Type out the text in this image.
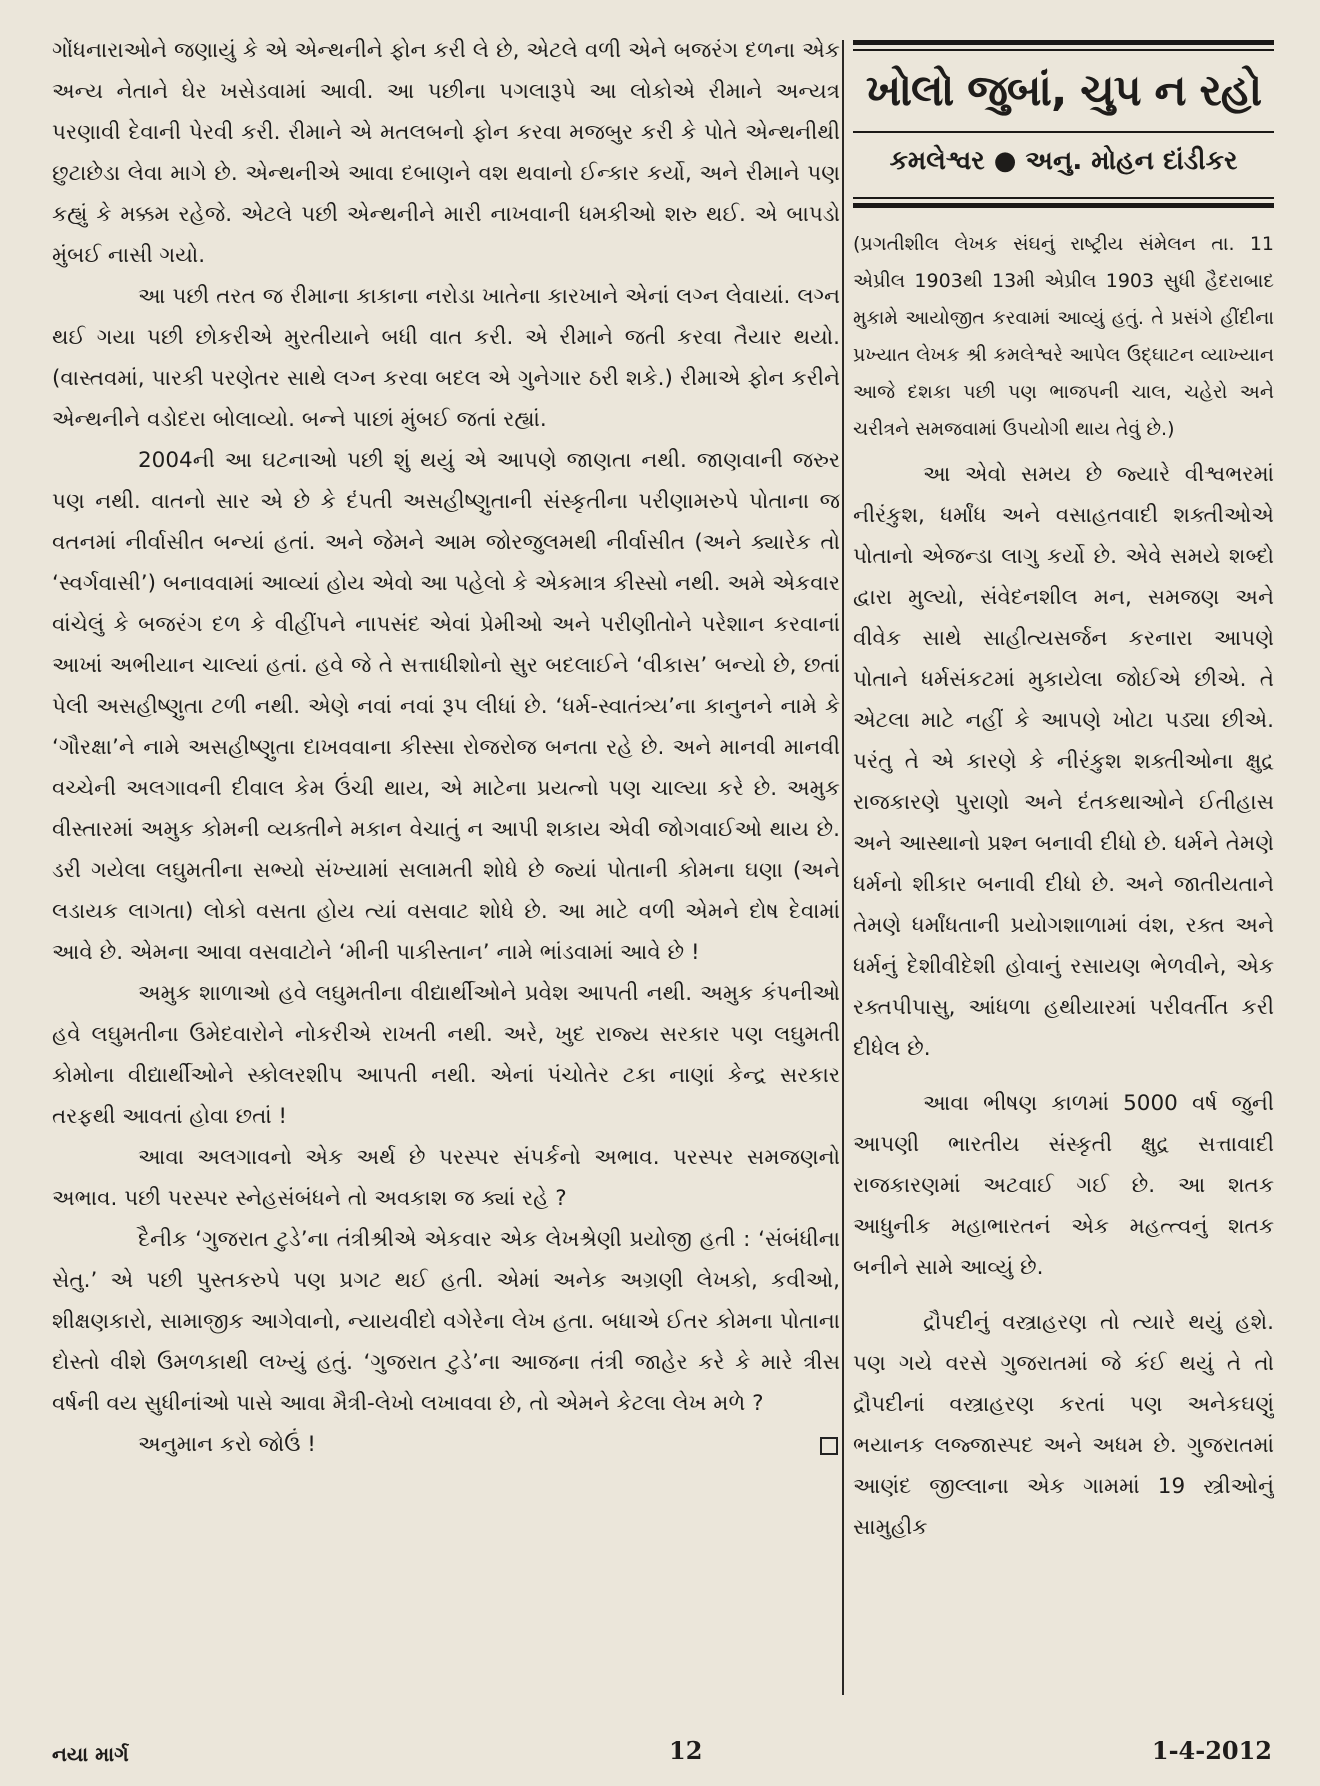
ગોંધનારાઓને જણાયું કે એ એન્થનીને ફોન કરી લે છે, એટલે વળી એને બજરંગ દળના એક અન્ય નેતાને ઘેર ખસેડવામાં આવી. આ પછીના પગલારૂપે આ લોકોએ રીમાને અન્યત્ર પરણાવી દેવાની પેરવી કરી. રીમાને એ મતલબનો ફોન કરવા મજબુર કરી કે પોતે એન્થનીથી છુટાછેડા લેવા માગે છે. એન્થનીએ આવા દબાણને વશ થવાનો ઈન્કાર કર્યો, અને રીમાને પણ કહ્યું કે મક્કમ રહેજે. એટલે પછી એન્થનીને મારી નાખવાની ધમકીઓ શરુ થઈ. એ બાપડો મુંબઈ નાસી ગયો.

આ પછી તરત જ રીમાના કાકાના નરોડા ખાતેના કારખાને એનાં લગ્ન લેવાયાં. લગ્ન થઈ ગયા પછી છોકરીએ મુરતીયાને બધી વાત કરી. એ રીમાને જતી કરવા તૈયાર થયો. (વાસ્તવમાં, પારકી પરણેતર સાથે લગ્ન કરવા બદલ એ ગુનેગાર ઠરી શકે.) રીમાએ ફોન કરીને એન્થનીને વડોદરા બોલાવ્યો. બન્ને પાછાં મુંબઈ જતાં રહ્યાં.

2004ની આ ઘટનાઓ પછી શું થયું એ આપણે જાણતા નથી. જાણવાની જરુર પણ નથી. વાતનો સાર એ છે કે દંપતી અસહીષ્ણુતાની સંસ્કૃતીના પરીણામરુપે પોતાના જ વતનમાં નીર્વાસીત બન્યાં હતાં. અને જેમને આમ જોરજુલમથી નીર્વાસીત (અને ક્યારેક તો ‘સ્વર્ગવાસી’) બનાવવામાં આવ્યાં હોય એવો આ પહેલો કે એકમાત્ર કીસ્સો નથી. અમે એકવાર વાંચેલું કે બજરંગ દળ કે વીહીંપને નાપસંદ એવાં પ્રેમીઓ અને પરીણીતોને પરેશાન કરવાનાં આખાં અભીયાન ચાલ્યાં હતાં. હવે જે તે સત્તાધીશોનો સુર બદલાઈને ‘વીકાસ’ બન્યો છે, છતાં પેલી અસહીષ્ણુતા ટળી નથી. એણે નવાં નવાં રૂપ લીધાં છે. ‘ધર્મ-સ્વાતંત્ર્ય’ના કાનુનને નામે કે ‘ગૌરક્ષા’ને નામે અસહીષ્ણુતા દાખવવાના કીસ્સા રોજરોજ બનતા રહે છે. અને માનવી માનવી વચ્ચેની અલગાવની દીવાલ કેમ ઉંચી થાય, એ માટેના પ્રયત્નો પણ ચાલ્યા કરે છે. અમુક વીસ્તારમાં અમુક કોમની વ્યક્તીને મકાન વેચાતું ન આપી શકાય એવી જોગવાઈઓ થાય છે. ડરી ગયેલા લઘુમતીના સભ્યો સંખ્યામાં સલામતી શોધે છે જ્યાં પોતાની કોમના ઘણા (અને લડાયક લાગતા) લોકો વસતા હોય ત્યાં વસવાટ શોધે છે. આ માટે વળી એમને દોષ દેવામાં આવે છે. એમના આવા વસવાટોને ‘મીની પાકીસ્તાન’ નામે ભાંડવામાં આવે છે !

અમુક શાળાઓ હવે લઘુમતીના વીદ્યાર્થીઓને પ્રવેશ આપતી નથી. અમુક કંપનીઓ હવે લઘુમતીના ઉમેદવારોને નોકરીએ રાખતી નથી. અરે, ખુદ રાજ્ય સરકાર પણ લઘુમતી કોમોના વીદ્યાર્થીઓને સ્કોલરશીપ આપતી નથી. એનાં પંચોતેર ટકા નાણાં કેન્દ્ર સરકાર તરફથી આવતાં હોવા છતાં !

આવા અલગાવનો એક અર્થ છે પરસ્પર સંપર્કનો અભાવ. પરસ્પર સમજણનો અભાવ. પછી પરસ્પર સ્નેહસંબંધને તો અવકાશ જ ક્યાં રહે ?

દૈનીક ‘ગુજરાત ટુડે’ના તંત્રીશ્રીએ એકવાર એક લેખશ્રેણી પ્રયોજી હતી : ‘સંબંધીના સેતુ.’ એ પછી પુસ્તકરુપે પણ પ્રગટ થઈ હતી. એમાં અનેક અગ્રણી લેખકો, કવીઓ, શીક્ષણકારો, સામાજીક આગેવાનો, ન્યાયવીદો વગેરેના લેખ હતા. બધાએ ઈતર કોમના પોતાના દોસ્તો વીશે ઉમળકાથી લખ્યું હતું. ‘ગુજરાત ટુડે’ના આજના તંત્રી જાહેર કરે કે મારે ત્રીસ વર્ષની વય સુધીનાંઓ પાસે આવા મૈત્રી-લેખો લખાવવા છે, તો એમને કેટલા લેખ મળે ?

અનુમાન કરો જોઉં !

ખોલો જુબાં, ચુપ ન રહો
કમલેશ્વર ● અનુ. મોહન દાંડીકર

(પ્રગતીશીલ લેખક સંઘનું રાષ્ટ્રીય સંમેલન તા. 11 એપ્રીલ 1903થી 13મી એપ્રીલ 1903 સુધી હૈદરાબાદ મુકામે આયોજીત કરવામાં આવ્યું હતું. તે પ્રસંગે હીંદીના પ્રખ્યાત લેખક શ્રી કમલેશ્વરે આપેલ ઉદ્ઘાટન વ્યાખ્યાન આજે દશકા પછી પણ ભાજપની ચાલ, ચહેરો અને ચરીત્રને સમજવામાં ઉપયોગી થાય તેવું છે.)

આ એવો સમય છે જ્યારે વીશ્વભરમાં નીરંકુશ, ધર્માંધ અને વસાહતવાદી શક્તીઓએ પોતાનો એજન્ડા લાગુ કર્યો છે. એવે સમયે શબ્દો દ્વારા મુલ્યો, સંવેદનશીલ મન, સમજણ અને વીવેક સાથે સાહીત્યસર્જન કરનારા આપણે પોતાને ધર્મસંકટમાં મુકાયેલા જોઈએ છીએ. તે એટલા માટે નહીં કે આપણે ખોટા પડ્યા છીએ. પરંતુ તે એ કારણે કે નીરંકુશ શક્તીઓના ક્ષુદ્ર રાજકારણે પુરાણો અને દંતકથાઓને ઈતીહાસ અને આસ્થાનો પ્રશ્ન બનાવી દીધો છે. ધર્મને તેમણે ધર્મનો શીકાર બનાવી દીધો છે. અને જાતીયતાને તેમણે ધર્માંધતાની પ્રયોગશાળામાં વંશ, રક્ત અને ધર્મનું દેશીવીદેશી હોવાનું રસાયણ ભેળવીને, એક રક્તપીપાસુ, આંધળા હથીયારમાં પરીવર્તીત કરી દીધેલ છે.

આવા ભીષણ કાળમાં 5000 વર્ષ જુની આપણી ભારતીય સંસ્કૃતી ક્ષુદ્ર સત્તાવાદી રાજકારણમાં અટવાઈ ગઈ છે. આ શતક આધુનીક મહાભારતનં એક મહત્ત્વનું શતક બનીને સામે આવ્યું છે.

દ્રૌપદીનું વસ્ત્રાહરણ તો ત્યારે થયું હશે. પણ ગયે વરસે ગુજરાતમાં જે કંઈ થયું તે તો દ્રૌપદીનાં વસ્ત્રાહરણ કરતાં પણ અનેકઘણું ભયાનક લજ્જાસ્પદ અને અધમ છે. ગુજરાતમાં આણંદ જીલ્લાના એક ગામમાં 19 સ્ત્રીઓનું સામુહીક

નયા માર્ગ	12	1-4-2012
